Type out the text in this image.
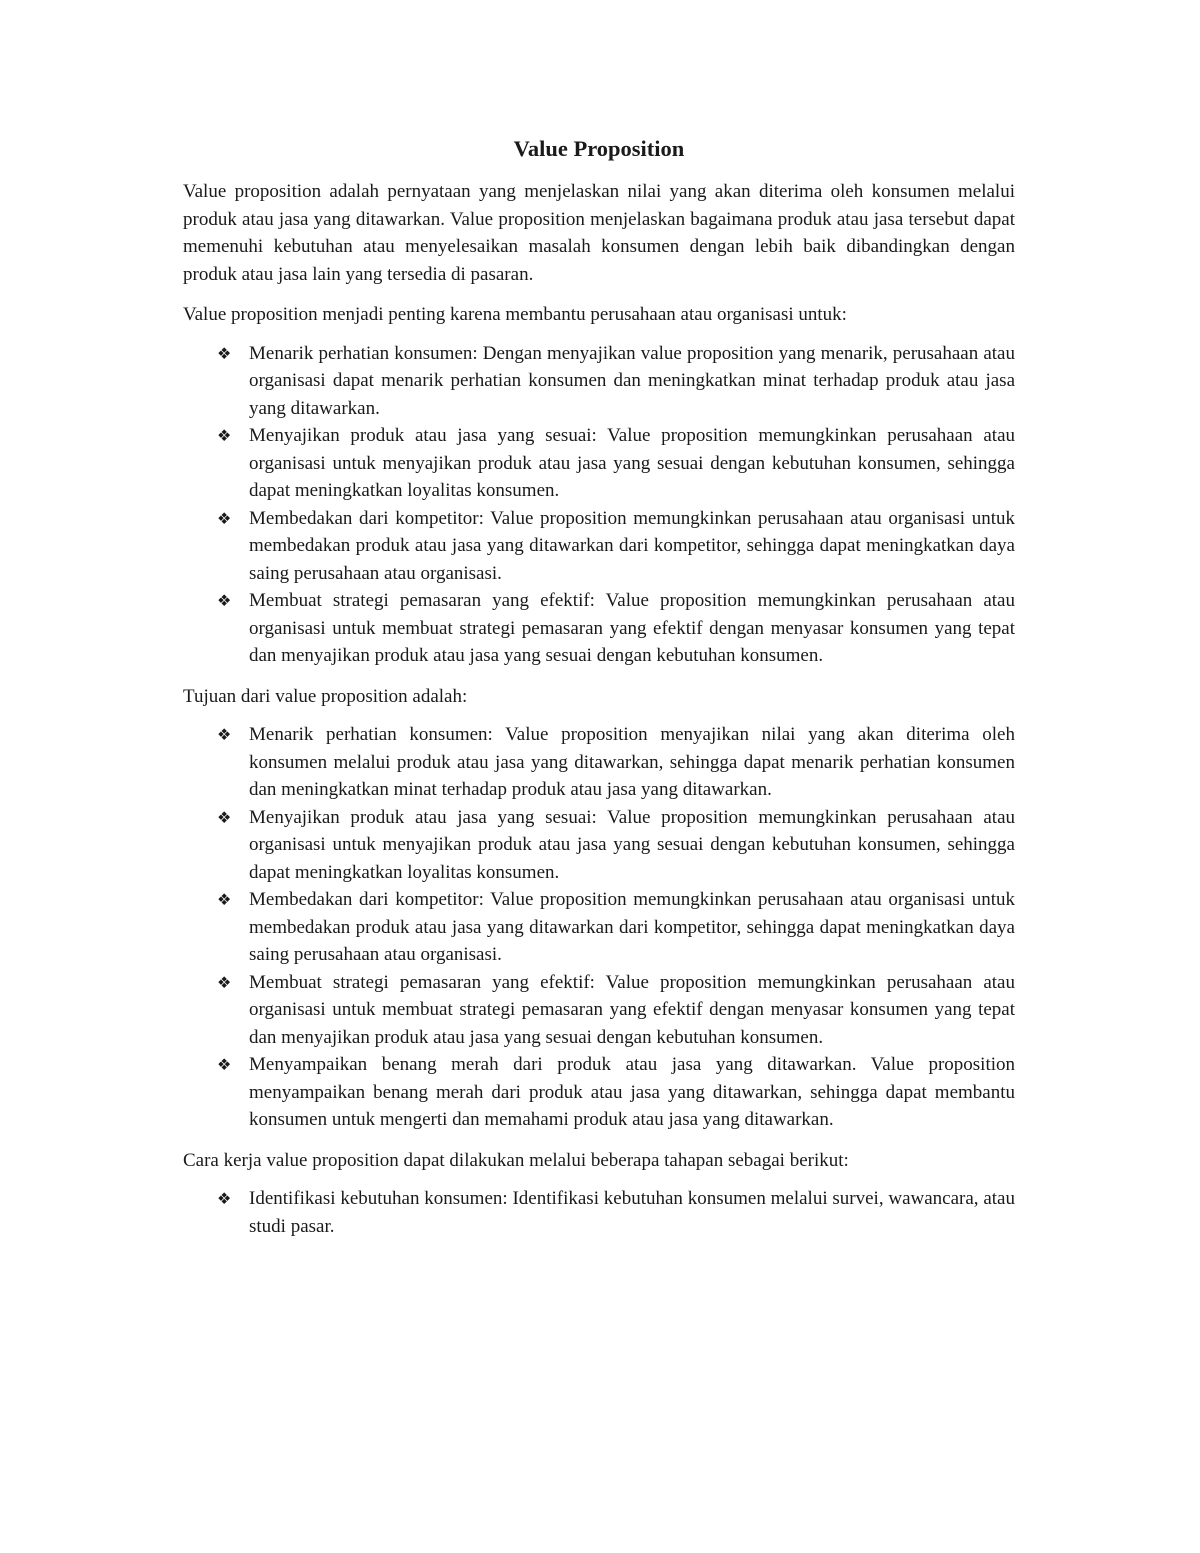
Value Proposition

Value proposition adalah pernyataan yang menjelaskan nilai yang akan diterima oleh konsumen melalui produk atau jasa yang ditawarkan. Value proposition menjelaskan bagaimana produk atau jasa tersebut dapat memenuhi kebutuhan atau menyelesaikan masalah konsumen dengan lebih baik dibandingkan dengan produk atau jasa lain yang tersedia di pasaran.

Value proposition menjadi penting karena membantu perusahaan atau organisasi untuk:

❖ Menarik perhatian konsumen: Dengan menyajikan value proposition yang menarik, perusahaan atau organisasi dapat menarik perhatian konsumen dan meningkatkan minat terhadap produk atau jasa yang ditawarkan.
❖ Menyajikan produk atau jasa yang sesuai: Value proposition memungkinkan perusahaan atau organisasi untuk menyajikan produk atau jasa yang sesuai dengan kebutuhan konsumen, sehingga dapat meningkatkan loyalitas konsumen.
❖ Membedakan dari kompetitor: Value proposition memungkinkan perusahaan atau organisasi untuk membedakan produk atau jasa yang ditawarkan dari kompetitor, sehingga dapat meningkatkan daya saing perusahaan atau organisasi.
❖ Membuat strategi pemasaran yang efektif: Value proposition memungkinkan perusahaan atau organisasi untuk membuat strategi pemasaran yang efektif dengan menyasar konsumen yang tepat dan menyajikan produk atau jasa yang sesuai dengan kebutuhan konsumen.

Tujuan dari value proposition adalah:

❖ Menarik perhatian konsumen: Value proposition menyajikan nilai yang akan diterima oleh konsumen melalui produk atau jasa yang ditawarkan, sehingga dapat menarik perhatian konsumen dan meningkatkan minat terhadap produk atau jasa yang ditawarkan.
❖ Menyajikan produk atau jasa yang sesuai: Value proposition memungkinkan perusahaan atau organisasi untuk menyajikan produk atau jasa yang sesuai dengan kebutuhan konsumen, sehingga dapat meningkatkan loyalitas konsumen.
❖ Membedakan dari kompetitor: Value proposition memungkinkan perusahaan atau organisasi untuk membedakan produk atau jasa yang ditawarkan dari kompetitor, sehingga dapat meningkatkan daya saing perusahaan atau organisasi.
❖ Membuat strategi pemasaran yang efektif: Value proposition memungkinkan perusahaan atau organisasi untuk membuat strategi pemasaran yang efektif dengan menyasar konsumen yang tepat dan menyajikan produk atau jasa yang sesuai dengan kebutuhan konsumen.
❖ Menyampaikan benang merah dari produk atau jasa yang ditawarkan. Value proposition menyampaikan benang merah dari produk atau jasa yang ditawarkan, sehingga dapat membantu konsumen untuk mengerti dan memahami produk atau jasa yang ditawarkan.

Cara kerja value proposition dapat dilakukan melalui beberapa tahapan sebagai berikut:

❖ Identifikasi kebutuhan konsumen: Identifikasi kebutuhan konsumen melalui survei, wawancara, atau studi pasar.
